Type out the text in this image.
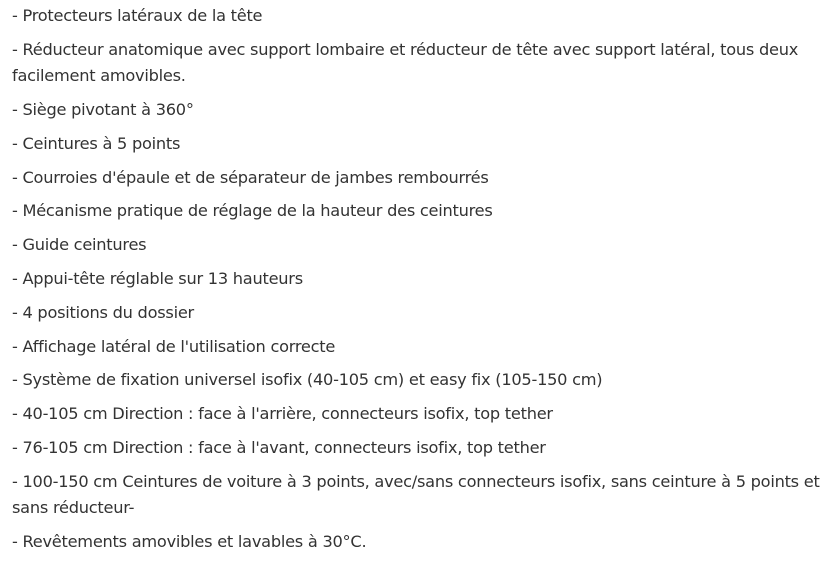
- Protecteurs latéraux de la tête

- Réducteur anatomique avec support lombaire et réducteur de tête avec support latéral, tous deux facilement amovibles.

- Siège pivotant à 360°

- Ceintures à 5 points

- Courroies d'épaule et de séparateur de jambes rembourrés

- Mécanisme pratique de réglage de la hauteur des ceintures

- Guide ceintures

- Appui-tête réglable sur 13 hauteurs

- 4 positions du dossier

- Affichage latéral de l'utilisation correcte

- Système de fixation universel isofix (40-105 cm) et easy fix (105-150 cm)

- 40-105 cm Direction : face à l'arrière, connecteurs isofix, top tether

- 76-105 cm Direction : face à l'avant, connecteurs isofix, top tether

- 100-150 cm Ceintures de voiture à 3 points, avec/sans connecteurs isofix, sans ceinture à 5 points et sans réducteur-

- Revêtements amovibles et lavables à 30°C.
